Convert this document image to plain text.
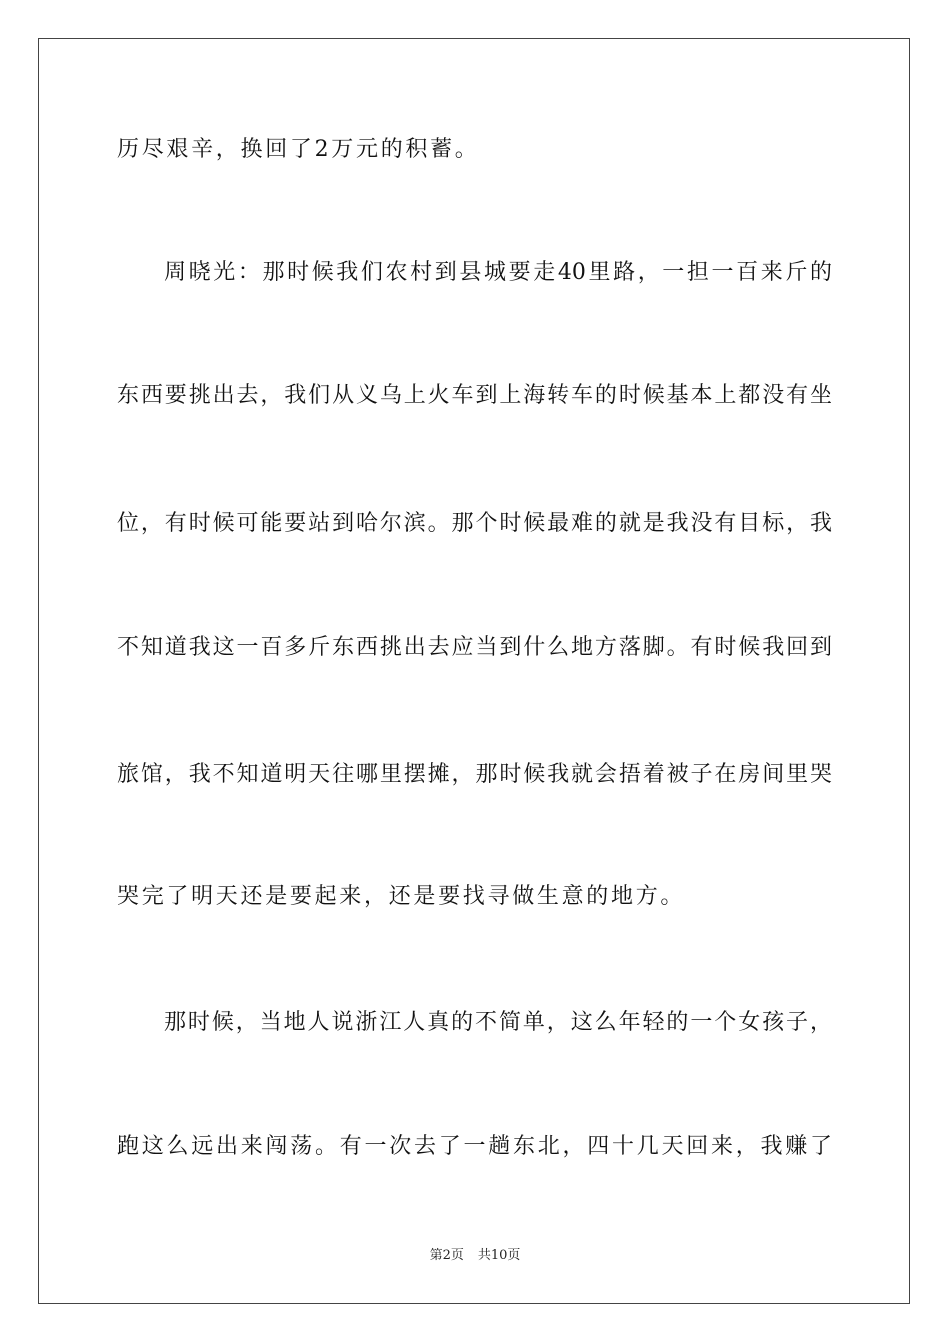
历尽艰辛，换回了2万元的积蓄。
周晓光：那时候我们农村到县城要走40里路，一担一百来斤的
东西要挑出去，我们从义乌上火车到上海转车的时候基本上都没有坐
位，有时候可能要站到哈尔滨。那个时候最难的就是我没有目标，我
不知道我这一百多斤东西挑出去应当到什么地方落脚。有时候我回到
旅馆，我不知道明天往哪里摆摊，那时候我就会捂着被子在房间里哭
哭完了明天还是要起来，还是要找寻做生意的地方。
那时候，当地人说浙江人真的不简单，这么年轻的一个女孩子，
跑这么远出来闯荡。有一次去了一趟东北，四十几天回来，我赚了
第2页 共10页
